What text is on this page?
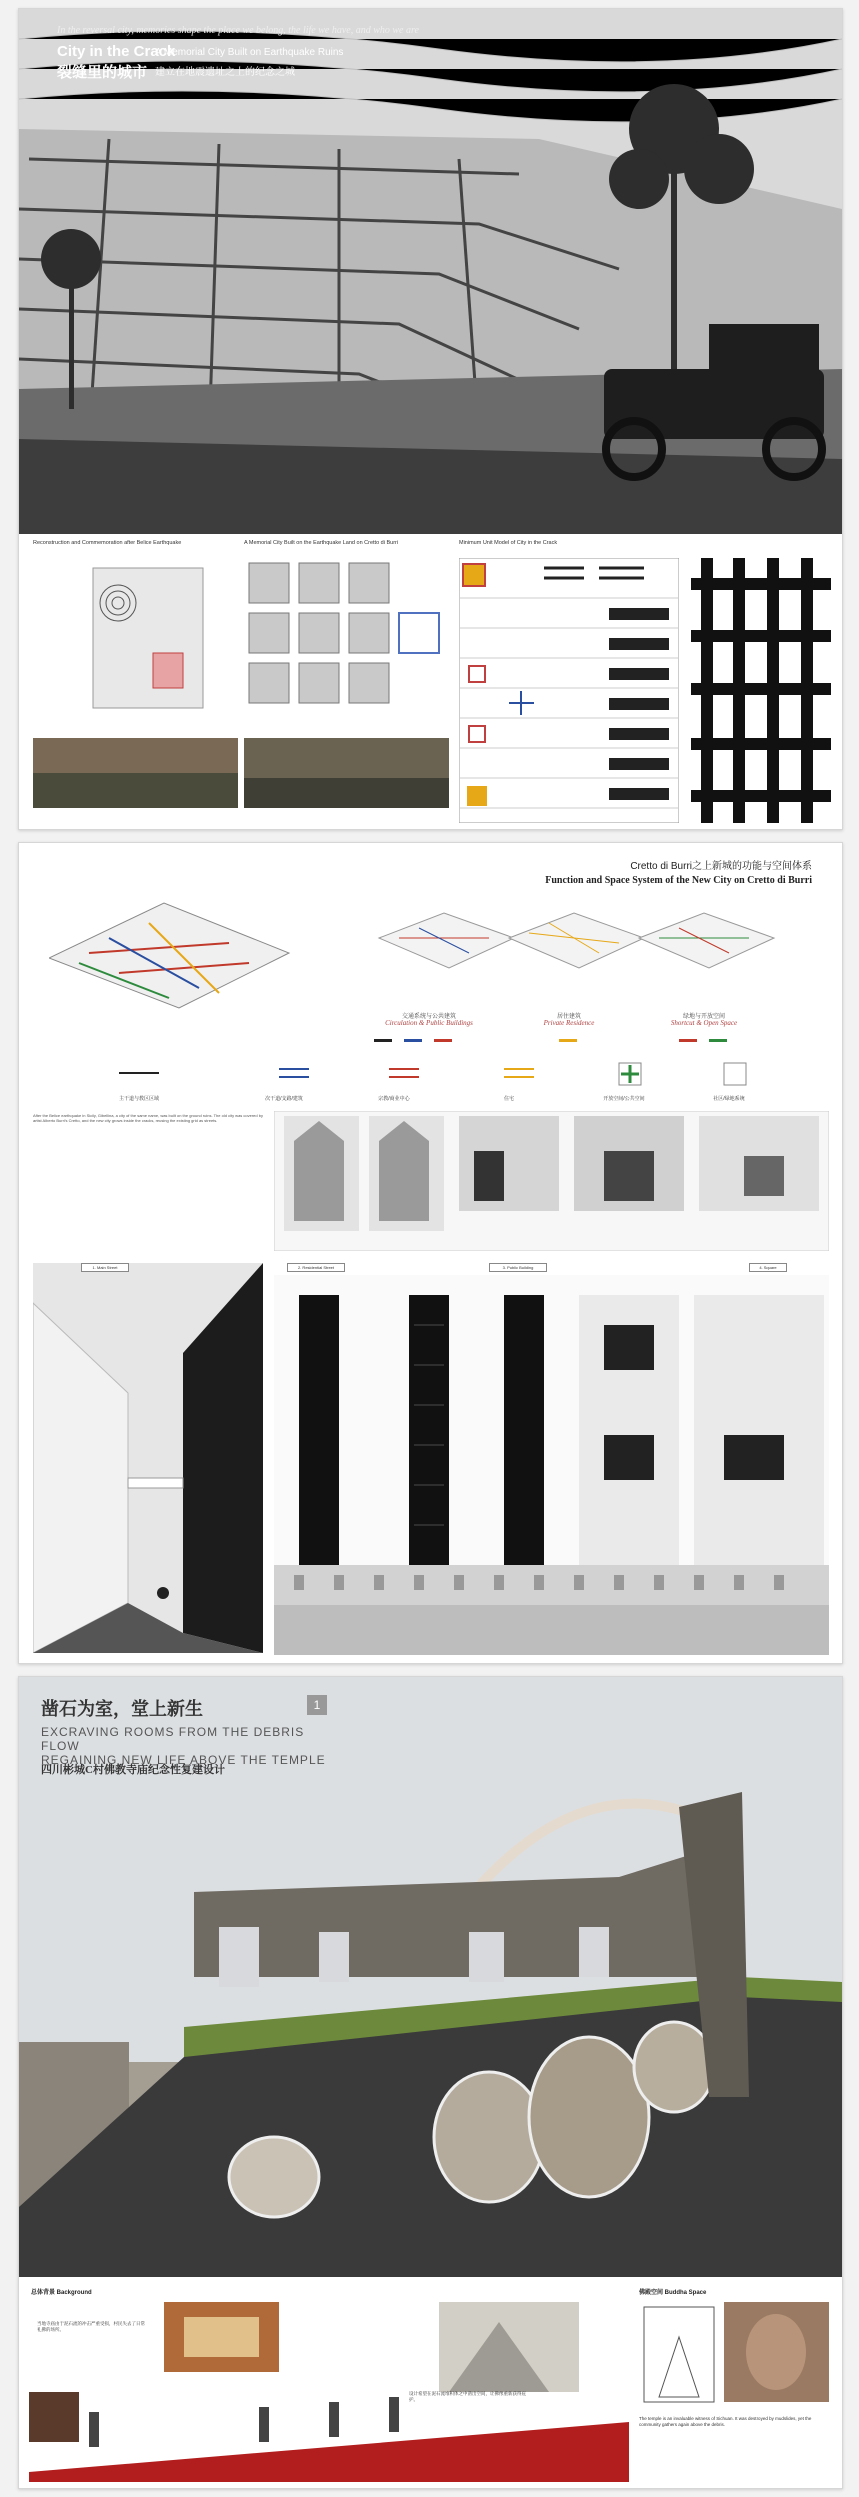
In the reversal city, memories shape the place we belong, the life we have, and who we are
City in the Crack
裂缝里的城市
A Memorial City Built on Earthquake Ruins
建立在地震遗址之上的纪念之城
Reconstruction and Commemoration after Belice Earthquake	A Memorial City Built on the Earthquake Land on Cretto di Burri	Minimum Unit Model of City in the Crack
Cretto di Burri之上新城的功能与空间体系
Function and Space System of the New City on Cretto di Burri
交通系统与公共建筑
Circulation & Public Buildings
居住建筑
Private Residence
绿地与开放空间
Shortcut & Open Space
主干道与教区区域	次干道/支路/建筑	宗教/商业中心	住宅	开放空间/公共空间	社区/绿地系统
After the Belice earthquake in Sicily, Gibellina, a city of the same name, was built on the ground ruins. The old city was covered by artist Alberto Burri's Cretto, and the new city grows inside the cracks, reusing the existing grid as streets.
1. Main Street	2. Residential Street	3. Public Building	4. Square
凿石为室，堂上新生	1
EXCRAVING ROOMS FROM THE DEBRIS FLOW
REGAINING NEW LIFE ABOVE THE TEMPLE
四川彬城C村佛教寺庙纪念性复建设计
总体背景 Background	佛殿空间 Buddha Space
当地寺庙由于泥石流的冲击严重受损，村民失去了日常礼佛的场所。
设计希望在泥石流堆积体之中凿出空间，让佛像重新获得庇护。
The temple is an invaluable witness of Sichuan. It was destroyed by mudslides, yet the community gathers again above the debris.
